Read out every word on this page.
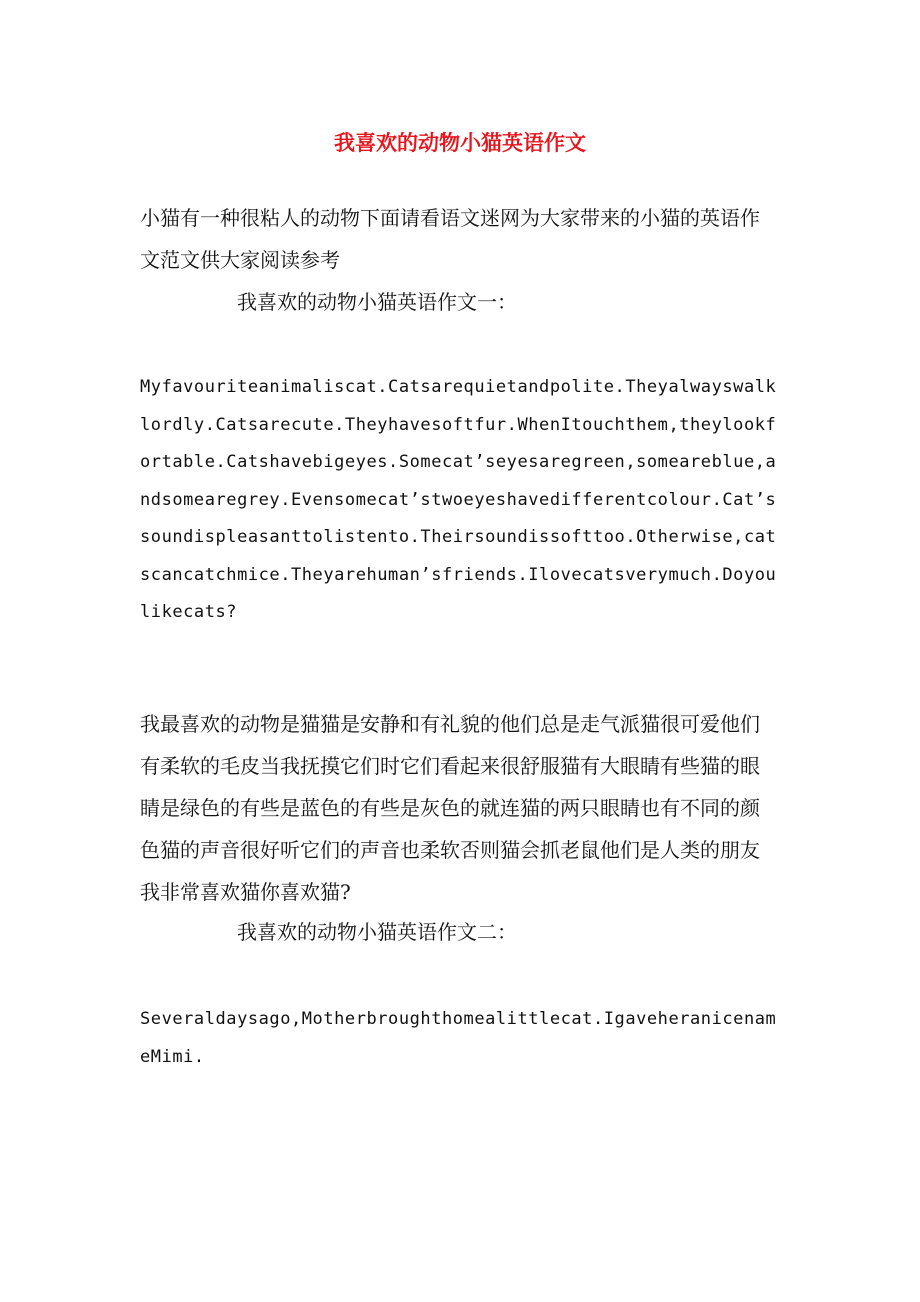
我喜欢的动物小猫英语作文

小猫有一种很粘人的动物下面请看语文迷网为大家带来的小猫的英语作文范文供大家阅读参考

我喜欢的动物小猫英语作文一：

Myfavouriteanimaliscat.Catsarequietandpolite.Theyalwayswalklordly.Catsarecute.Theyhavesoftfur.WhenItouchthem,theylookfortable.Catshavebigeyes.Somecat’seyesaregreen,someareblue,andsomearegrey.Evensomecat’stwoeyeshavedifferentcolour.Cat’ssoundispleasanttolistento.Theirsoundissofttoo.Otherwise,catscancatchmice.Theyarehuman’sfriends.Ilovecatsverymuch.Doyoulikecats?

我最喜欢的动物是猫猫是安静和有礼貌的他们总是走气派猫很可爱他们有柔软的毛皮当我抚摸它们时它们看起来很舒服猫有大眼睛有些猫的眼睛是绿色的有些是蓝色的有些是灰色的就连猫的两只眼睛也有不同的颜色猫的声音很好听它们的声音也柔软否则猫会抓老鼠他们是人类的朋友我非常喜欢猫你喜欢猫?

我喜欢的动物小猫英语作文二：

Severaldaysago,Motherbroughthomealittlecat.IgaveheranicenameMimi.
